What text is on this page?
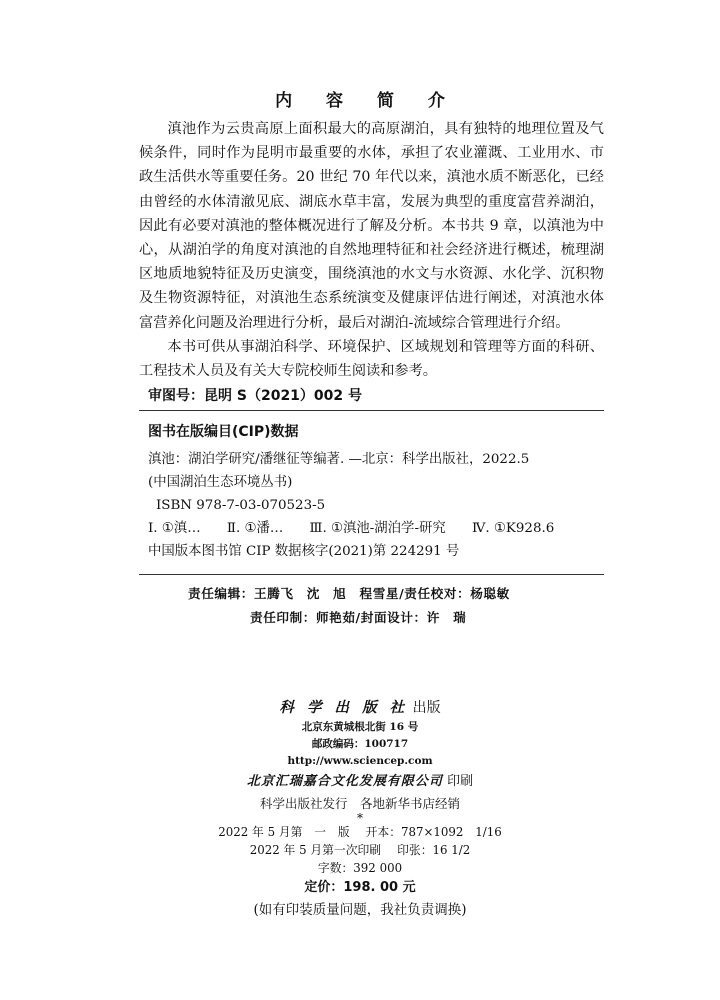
内 容 简 介

滇池作为云贵高原上面积最大的高原湖泊，具有独特的地理位置及气候条件，同时作为昆明市最重要的水体，承担了农业灌溉、工业用水、市政生活供水等重要任务。20 世纪 70 年代以来，滇池水质不断恶化，已经由曾经的水体清澈见底、湖底水草丰富，发展为典型的重度富营养湖泊，因此有必要对滇池的整体概况进行了解及分析。本书共 9 章，以滇池为中心，从湖泊学的角度对滇池的自然地理特征和社会经济进行概述，梳理湖区地质地貌特征及历史演变，围绕滇池的水文与水资源、水化学、沉积物及生物资源特征，对滇池生态系统演变及健康评估进行阐述，对滇池水体富营养化问题及治理进行分析，最后对湖泊-流域综合管理进行介绍。

本书可供从事湖泊科学、环境保护、区域规划和管理等方面的科研、工程技术人员及有关大专院校师生阅读和参考。

审图号：昆明 S（2021）002 号
图书在版编目(CIP)数据
滇池：湖泊学研究/潘继征等编著. —北京：科学出版社，2022.5
(中国湖泊生态环境丛书)
ISBN 978-7-03-070523-5
Ⅰ. ①滇… Ⅱ. ①潘… Ⅲ. ①滇池-湖泊学-研究 Ⅳ. ①K928.6
中国版本图书馆 CIP 数据核字(2021)第 224291 号
责任编辑：王腾飞　沈　旭　程雪星/责任校对：杨聪敏
责任印制：师艳茹/封面设计：许　瑞
科 学 出 版 社 出版
北京东黄城根北街 16 号
邮政编码：100717
http://www.sciencep.com
北京汇瑞嘉合文化发展有限公司 印刷
科学出版社发行　各地新华书店经销
*
2022 年 5 月第　一　版 开本：787×1092　1/16
2022 年 5 月第一次印刷 印张：16 1/2
字数：392 000
定价：198. 00 元
(如有印装质量问题，我社负责调换)
